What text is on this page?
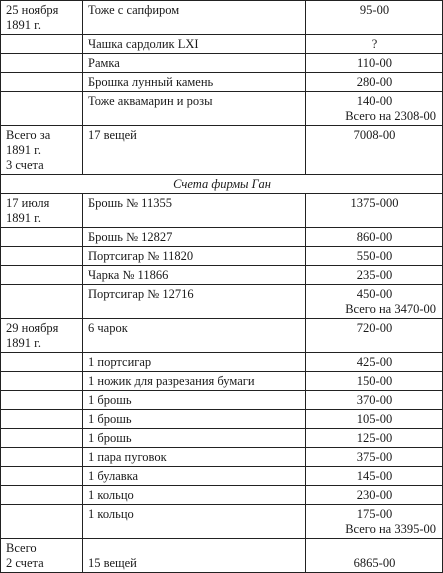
25 ноября
1891 г.	Тоже с сапфиром	95-00

	Чашка сардолик LXI	?

	Рамка	110-00

	Брошка лунный камень	280-00

	Тоже аквамарин и розы	140-00
Всего на 2308-00

Всего за
1891 г.
3 счета	17 вещей	7008-00
Счета фирмы Ган		

17 июля
1891 г.	Брошь № 11355	1375-000

	Брошь № 12827	860-00

	Портсигар № 11820	550-00

	Чарка № 11866	235-00

	Портсигар № 12716	450-00
Всего на 3470-00

29 ноября
1891 г.	6 чарок	720-00

	1 портсигар	425-00

	1 ножик для разрезания бумаги	150-00

	1 брошь	370-00

	1 брошь	105-00

	1 брошь	125-00

	1 пара пуговок	375-00

	1 булавка	145-00

	1 кольцо	230-00

	1 кольцо	175-00
Всего на 3395-00

Всего
2 счета	15 вещей	6865-00
